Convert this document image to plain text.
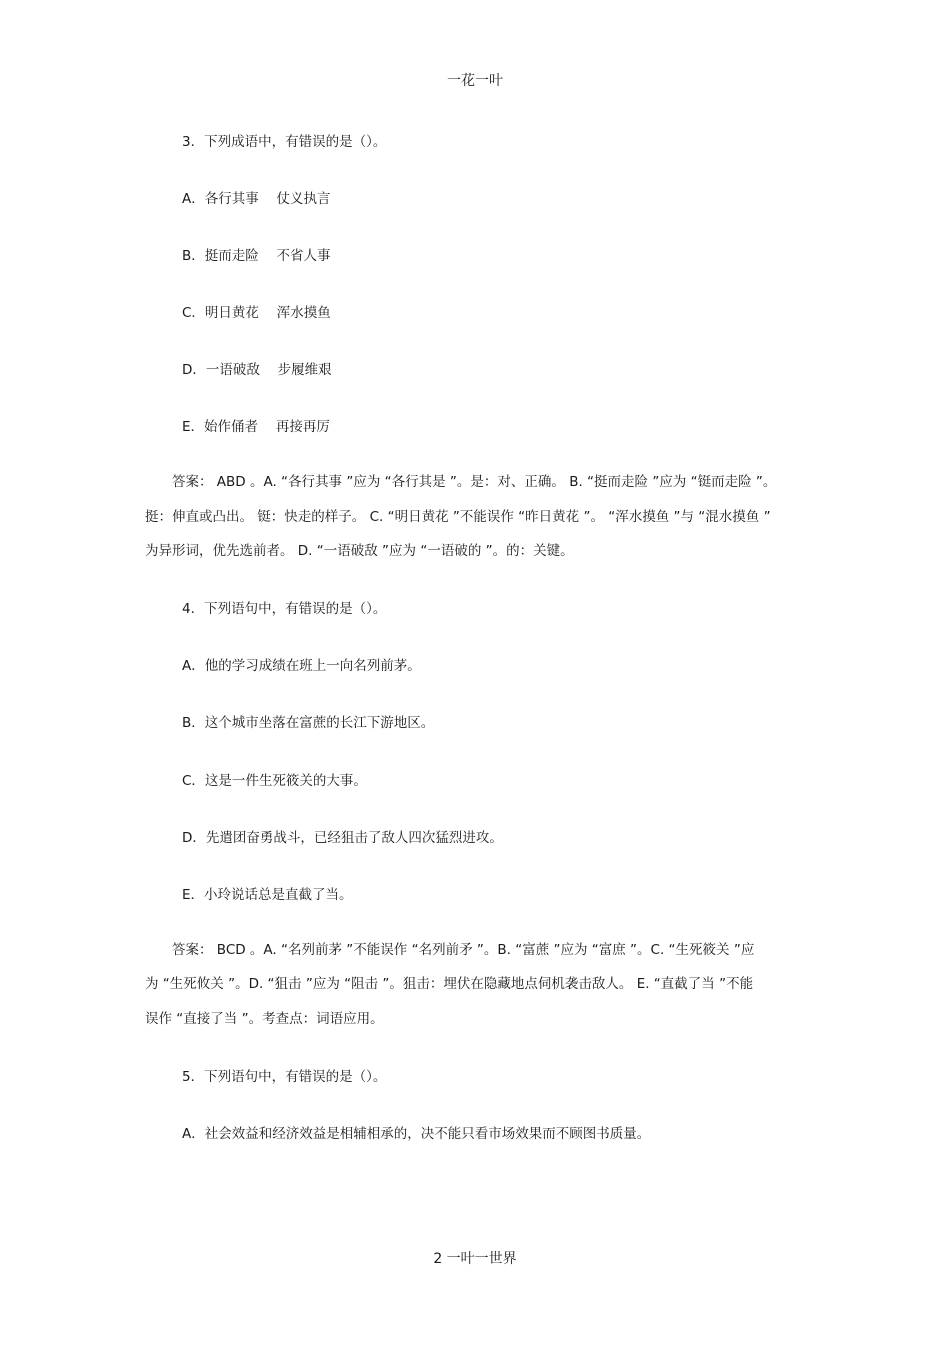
一花一叶
3．下列成语中，有错误的是（）。
A．各行其事　 仗义执言
B．挺而走险　 不省人事
C．明日黄花　 浑水摸鱼
D．一语破敌　 步履维艰
E．始作俑者　 再接再厉
　　答案： ABD 。A. “各行其事 ”应为 “各行其是 ”。是：对、正确。 B. “挺而走险 ”应为 “铤而走险 ”。
挺：伸直或凸出。 铤：快走的样子。 C. “明日黄花 ”不能误作 “昨日黄花 ”。 “浑水摸鱼 ”与 “混水摸鱼 ”
为异形词，优先选前者。 D. “一语破敌 ”应为 “一语破的 ”。的：关键。
4．下列语句中，有错误的是（）。
A．他的学习成绩在班上一向名列前茅。
B．这个城市坐落在富蔗的长江下游地区。
C．这是一件生死筱关的大事。
D．先遣团奋勇战斗，已经狙击了敌人四次猛烈进攻。
E．小玲说话总是直截了当。
　　答案： BCD 。A. “名列前茅 ”不能误作 “名列前矛 ”。B. “富蔗 ”应为 “富庶 ”。C. “生死筱关 ”应
为 “生死攸关 ”。D. “狙击 ”应为 “阻击 ”。狙击：埋伏在隐藏地点伺机袭击敌人。 E. “直截了当 ”不能
误作 “直接了当 ”。考查点：词语应用。
5．下列语句中，有错误的是（）。
A．社会效益和经济效益是相辅相承的，决不能只看市场效果而不顾图书质量。
2 一叶一世界
